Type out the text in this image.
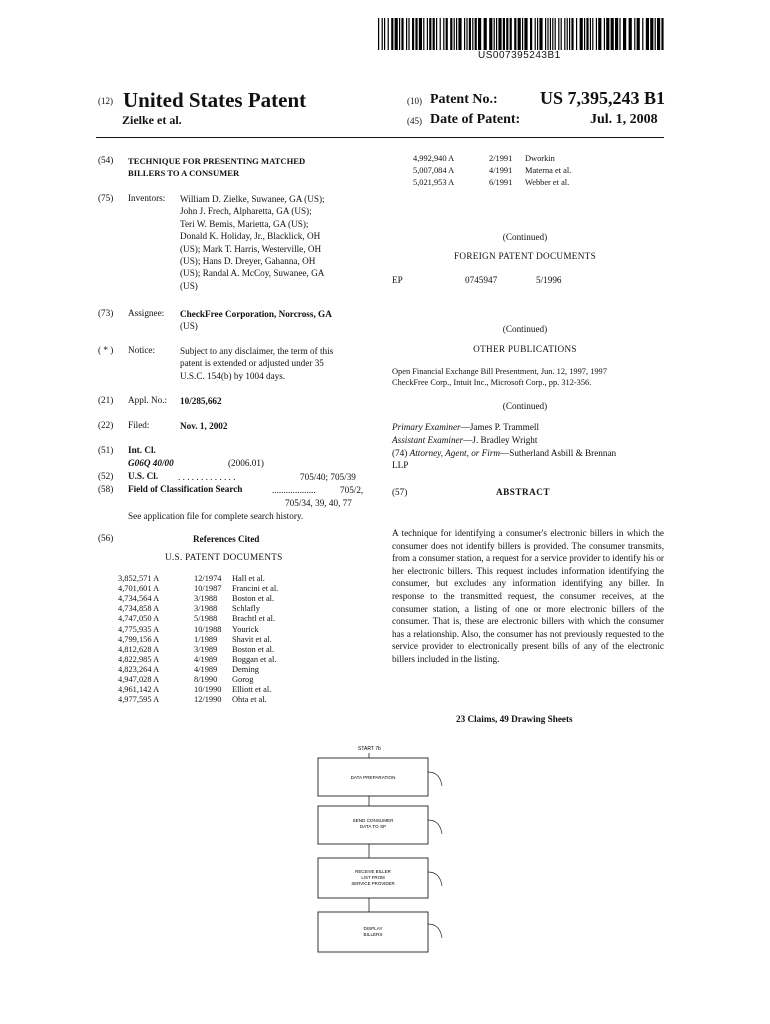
US007395243B1
(12) United States Patent
Zielke et al.
(10) Patent No.: US 7,395,243 B1
(45) Date of Patent:	Jul. 1, 2008
(54) TECHNIQUE FOR PRESENTING MATCHED
BILLERS TO A CONSUMER
(75) Inventors: William D. Zielke, Suwanee, GA (US);
John J. Frech, Alpharetta, GA (US);
Teri W. Bemis, Marietta, GA (US);
Donald K. Holiday, Jr., Blacklick, OH
(US); Mark T. Harris, Westerville, OH
(US); Hans D. Dreyer, Gahanna, OH
(US); Randal A. McCoy, Suwanee, GA
(US)
(73) Assignee: CheckFree Corporation, Norcross, GA
(US)
( * ) Notice:	Subject to any disclaimer, the term of this
patent is extended or adjusted under 35
U.S.C. 154(b) by 1004 days.
(21) Appl. No.: 10/285,662
(22) Filed:	Nov. 1, 2002
(51) Int. Cl.
G06Q 40/00	(2006.01)
(52) U.S. Cl. . . . . . . . . . . . . .	705/40; 705/39
(58) Field of Classification Search	...................	705/2,
705/34, 39, 40, 77
See application file for complete search history.
(56)	References Cited
U.S. PATENT DOCUMENTS
3,852,571 A	12/1974 Hall et al.
4,701,601 A	10/1987 Francini et al.
4,734,564 A	3/1988 Boston et al.
4,734,858 A	3/1988 Schlafly
4,747,050 A	5/1988 Brachtl et al.
4,775,935 A	10/1988 Yourick
4,799,156 A	1/1989 Shavit et al.
4,812,628 A	3/1989 Boston et al.
4,822,985 A	4/1989 Boggan et al.
4,823,264 A	4/1989 Deming
4,947,028 A	8/1990 Gorog
4,961,142 A	10/1990 Elliott et al.
4,977,595 A	12/1990 Ohta et al.
4,992,940 A	2/1991 Dworkin
5,007,084 A	4/1991 Materna et al.
5,021,953 A	6/1991 Webber et al.
(Continued)
FOREIGN PATENT DOCUMENTS
EP	0745947	5/1996
(Continued)
OTHER PUBLICATIONS
Open Financial Exchange Bill Presentment, Jun. 12, 1997, 1997
CheckFree Corp., Intuit Inc., Microsoft Corp., pp. 312-356.
(Continued)
Primary Examiner—James P. Trammell
Assistant Examiner—J. Bradley Wright
(74) Attorney, Agent, or Firm—Sutherland Asbill & Brennan
LLP
(57)	ABSTRACT
A technique for identifying a consumer's electronic billers in which the consumer does not identify billers is provided. The consumer transmits, from a consumer station, a request for a service provider to identify his or her electronic billers. This request includes information identifying the consumer, but excludes any information identifying any biller. In response to the transmitted request, the consumer receives, at the consumer station, a listing of one or more electronic billers of the consumer. That is, these are electronic billers with which the consumer has a relationship. Also, the consumer has not previously requested to the service provider to electronically present bills of any of the electronic billers included in the listing.
23 Claims, 49 Drawing Sheets
START 7b
DATA PREPARATION
SEND CONSUMER
DATA TO SP
RECEIVE BILLER
LIST FROM
SERVICE PROVIDER
DISPLAY
BILLERS
